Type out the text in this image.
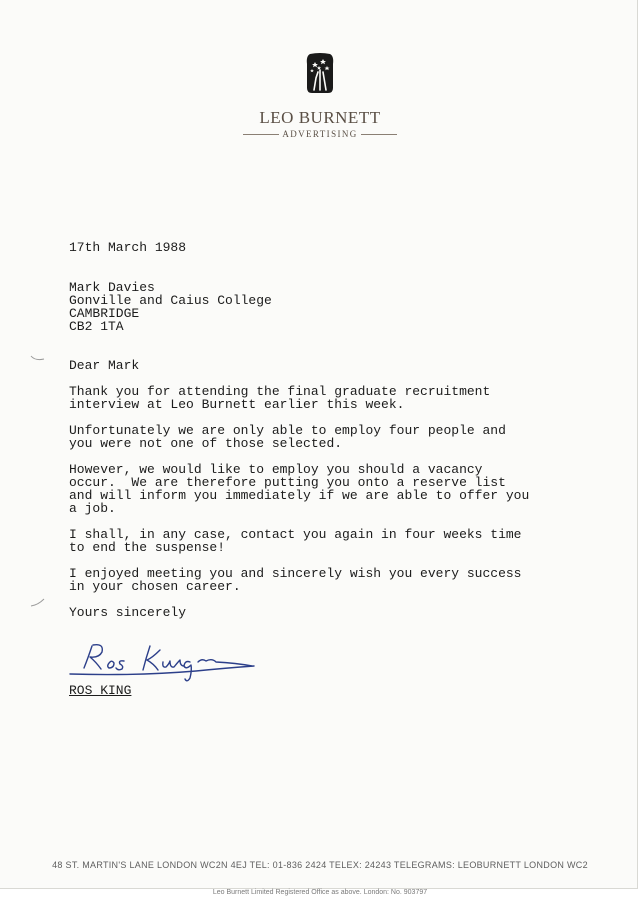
LEO BURNETT
ADVERTISING

17th March 1988

Mark Davies

Gonville and Caius College

CAMBRIDGE

CB2 1TA

Dear Mark

Thank you for attending the final graduate recruitment

interview at Leo Burnett earlier this week.

Unfortunately we are only able to employ four people and

you were not one of those selected.

However, we would like to employ you should a vacancy

occur.  We are therefore putting you onto a reserve list

and will inform you immediately if we are able to offer you

a job.

I shall, in any case, contact you again in four weeks time

to end the suspense!

I enjoyed meeting you and sincerely wish you every success

in your chosen career.

Yours sincerely

ROS KING

48 ST. MARTIN'S LANE LONDON WC2N 4EJ TEL: 01-836 2424 TELEX: 24243 TELEGRAMS: LEOBURNETT LONDON WC2
Leo Burnett Limited Registered Office as above. London: No. 903797
